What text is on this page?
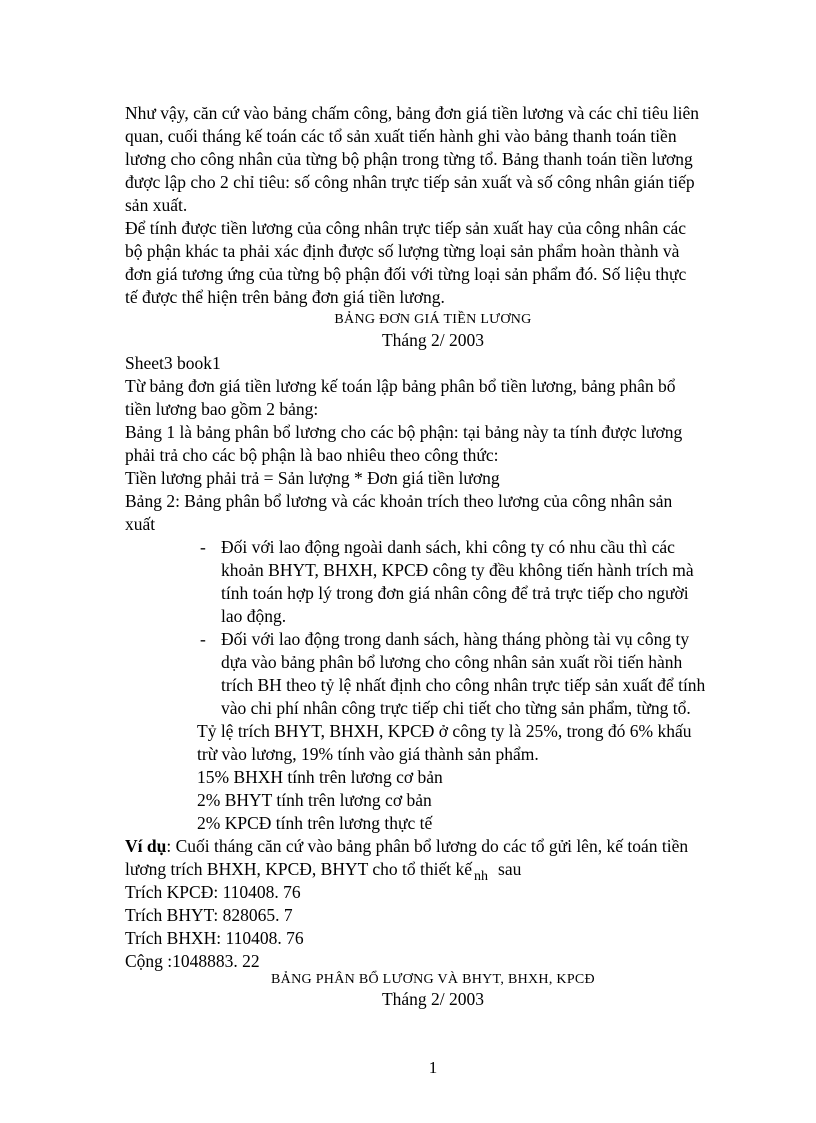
Như vậy, căn cứ vào bảng chấm công, bảng đơn giá tiền lương và các chỉ tiêu liên
quan, cuối tháng kế toán các tổ sản xuất tiến hành ghi vào bảng thanh toán tiền
lương cho công nhân của từng bộ phận trong từng tổ. Bảng thanh toán tiền lương
được lập cho 2 chỉ tiêu: số công nhân trực tiếp sản xuất và số công nhân gián tiếp
sản xuất.
Để tính được tiền lương của công nhân trực tiếp sản xuất hay của công nhân các
bộ phận khác ta phải xác định được số lượng từng loại sản phẩm hoàn thành và
đơn giá tương ứng của từng bộ phận đối với từng loại sản phẩm đó. Số liệu thực
tế được thể hiện trên bảng đơn giá tiền lương.
BẢNG ĐƠN GIÁ TIỀN LƯƠNG
Tháng 2/ 2003
Sheet3 book1
Từ bảng đơn giá tiền lương kế toán lập bảng phân bổ tiền lương, bảng phân bổ
tiền lương bao gồm 2 bảng:
Bảng 1 là bảng phân bổ lương cho các bộ phận: tại bảng này ta tính được lương
phải trả cho các bộ phận là bao nhiêu theo công thức:
Tiền lương phải trả = Sản lượng * Đơn giá tiền lương
Bảng 2: Bảng phân bổ lương và các khoản trích theo lương của công nhân sản
xuất
- Đối với lao động ngoài danh sách, khi công ty có nhu cầu thì các
khoản BHYT, BHXH, KPCĐ công ty đều không tiến hành trích mà
tính toán hợp lý trong đơn giá nhân công để trả trực tiếp cho người
lao động.
- Đối với lao động trong danh sách, hàng tháng phòng tài vụ công ty
dựa vào bảng phân bổ lương cho công nhân sản xuất rồi tiến hành
trích BH theo tỷ lệ nhất định cho công nhân trực tiếp sản xuất để tính
vào chi phí nhân công trực tiếp chi tiết cho từng sản phẩm, từng tổ.
Tỷ lệ trích BHYT, BHXH, KPCĐ ở công ty là 25%, trong đó 6% khấu
trừ vào lương, 19% tính vào giá thành sản phẩm.
15% BHXH tính trên lương cơ bản
2% BHYT tính trên lương cơ bản
2% KPCĐ tính trên lương thực tế
Ví dụ: Cuối tháng căn cứ vào bảng phân bổ lương do các tổ gửi lên, kế toán tiền
lương trích BHXH, KPCĐ, BHYT cho tổ thiết kế $_{nh}$ sau
Trích KPCĐ: 110408. 76
Trích BHYT: 828065. 7
Trích BHXH: 110408. 76
Cộng :1048883. 22
BẢNG PHÂN BỔ LƯƠNG VÀ BHYT, BHXH, KPCĐ
Tháng 2/ 2003
1
